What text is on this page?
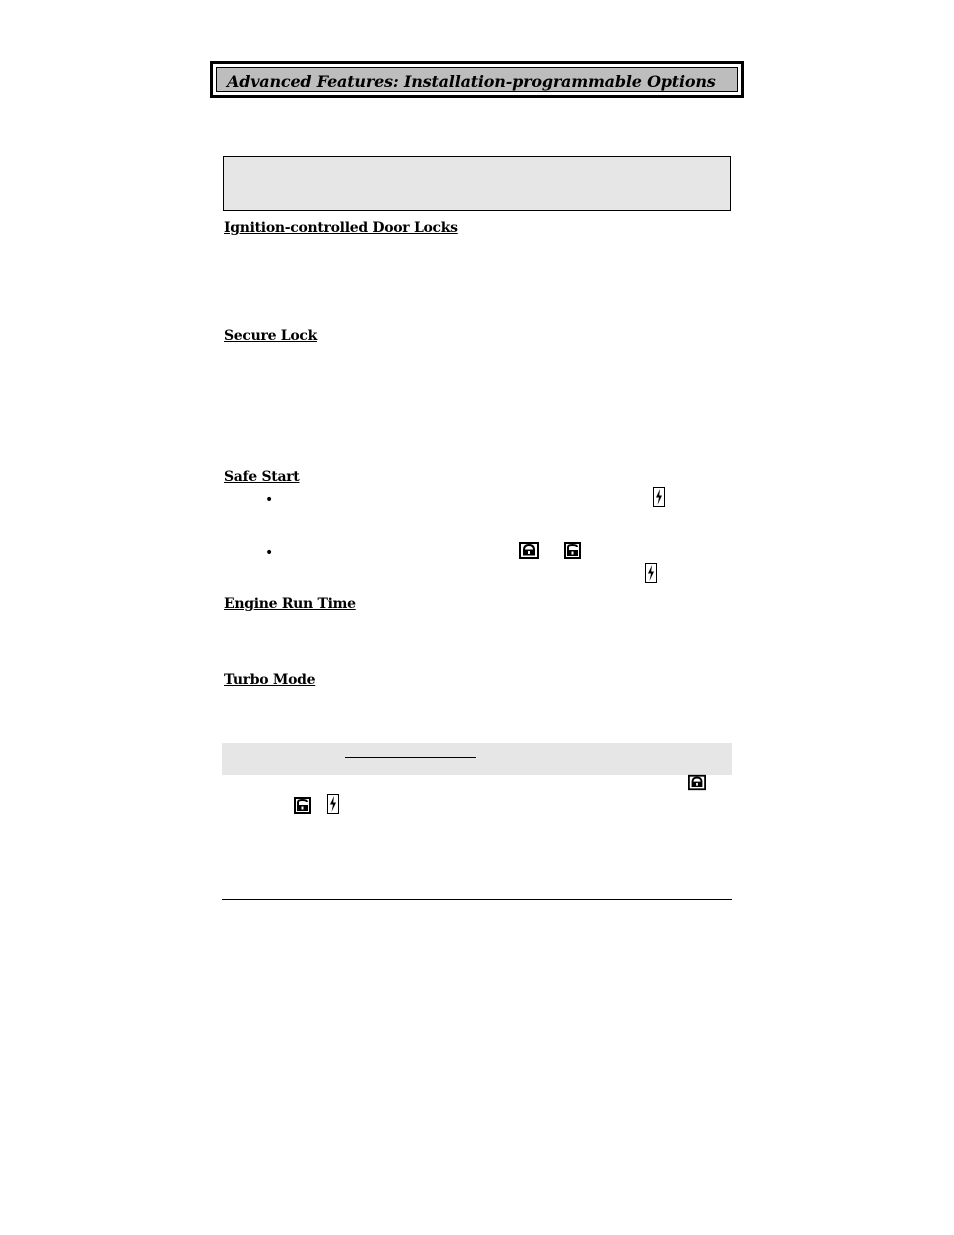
Advanced Features: Installation-programmable Options
Ignition-controlled Door Locks
Secure Lock
Safe Start
•
•
Engine Run Time
Turbo Mode
